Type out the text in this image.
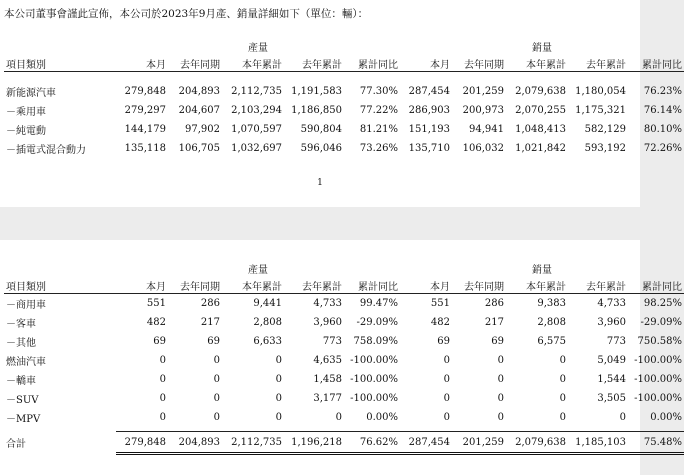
本公司董事會謹此宣佈，本公司於2023年9月產、銷量詳細如下（單位：輛）：
	產量					銷量				
項目類別	本月	去年同期	本年累計	去年累計	累計同比	本月	去年同期	本年累計	去年累計	累計同比

新能源汽車	279,848	204,893	2,112,735	1,191,583	77.30%	287,454	201,259	2,079,638	1,180,054	76.23%
－乘用車	279,297	204,607	2,103,294	1,186,850	77.22%	286,903	200,973	2,070,255	1,175,321	76.14%
－純電動	144,179	97,902	1,070,597	590,804	81.21%	151,193	94,941	1,048,413	582,129	80.10%
－插電式混合動力	135,118	106,705	1,032,697	596,046	73.26%	135,710	106,032	1,021,842	593,192	72.26%
1
	產量					銷量				
項目類別	本月	去年同期	本年累計	去年累計	累計同比	本月	去年同期	本年累計	去年累計	累計同比
－商用車	551	286	9,441	4,733	99.47%	551	286	9,383	4,733	98.25%
－客車	482	217	2,808	3,960	-29.09%	482	217	2,808	3,960	-29.09%
－其他	69	69	6,633	773	758.09%	69	69	6,575	773	750.58%
燃油汽車	0	0	0	4,635	-100.00%	0	0	0	5,049	-100.00%
－轎車	0	0	0	1,458	-100.00%	0	0	0	1,544	-100.00%
－SUV	0	0	0	3,177	-100.00%	0	0	0	3,505	-100.00%
－MPV	0	0	0	0	0.00%	0	0	0	0	0.00%

合計	279,848	204,893	2,112,735	1,196,218	76.62%	287,454	201,259	2,079,638	1,185,103	75.48%
